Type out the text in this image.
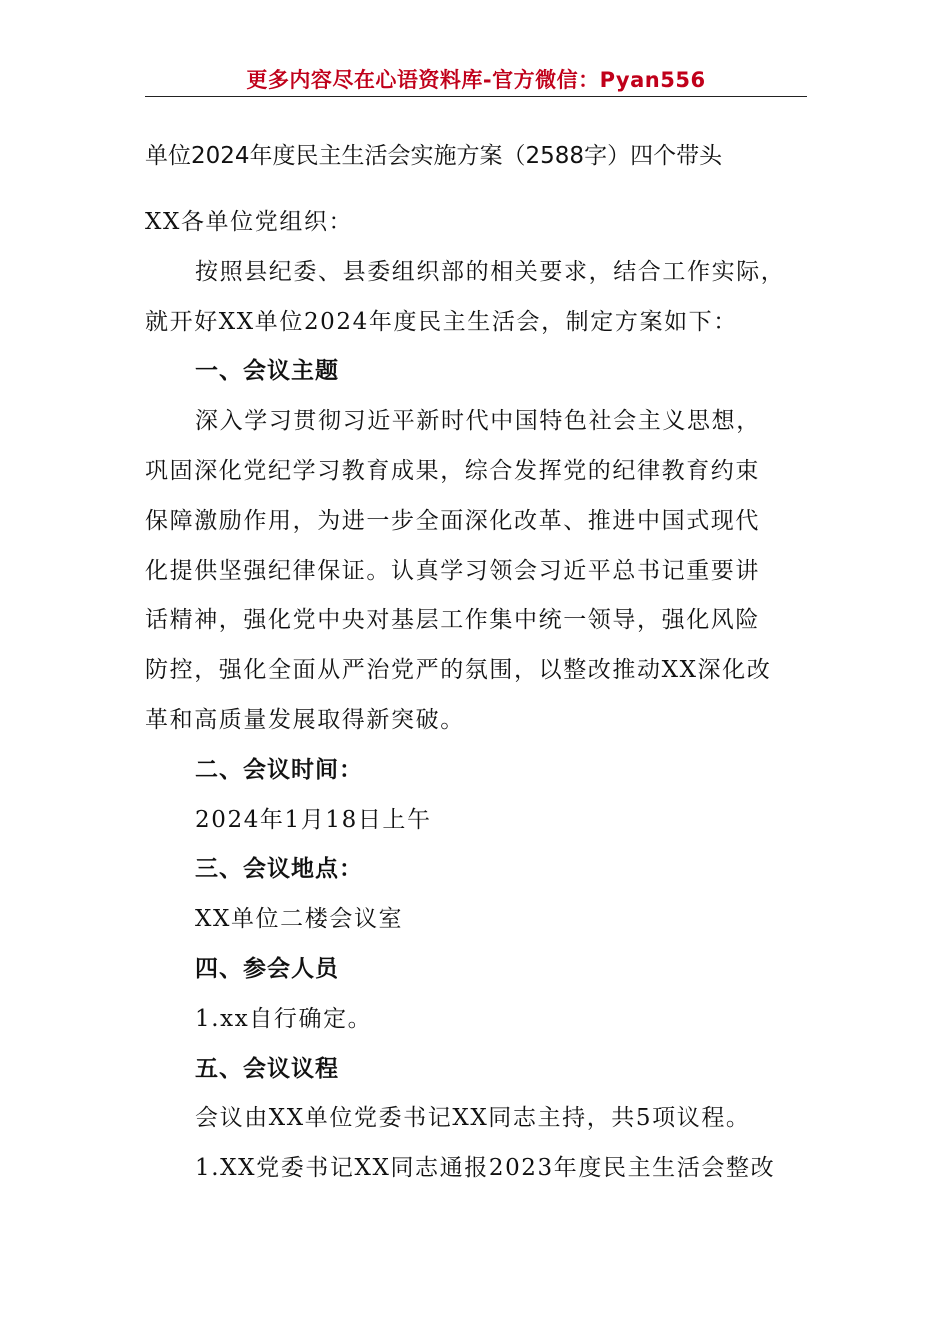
更多内容尽在心语资料库-官方微信：Pyan556
单位2024年度民主生活会实施方案（2588字）四个带头
XX各单位党组织：
按照县纪委、县委组织部的相关要求，结合工作实际，
就开好XX单位2024年度民主生活会，制定方案如下：
一、会议主题
深入学习贯彻习近平新时代中国特色社会主义思想，
巩固深化党纪学习教育成果，综合发挥党的纪律教育约束
保障激励作用，为进一步全面深化改革、推进中国式现代
化提供坚强纪律保证。认真学习领会习近平总书记重要讲
话精神，强化党中央对基层工作集中统一领导，强化风险
防控，强化全面从严治党严的氛围，以整改推动XX深化改
革和高质量发展取得新突破。
二、会议时间：
2024年1月18日上午
三、会议地点：
XX单位二楼会议室
四、参会人员
1.xx自行确定。
五、会议议程
会议由XX单位党委书记XX同志主持，共5项议程。
1.XX党委书记XX同志通报2023年度民主生活会整改
